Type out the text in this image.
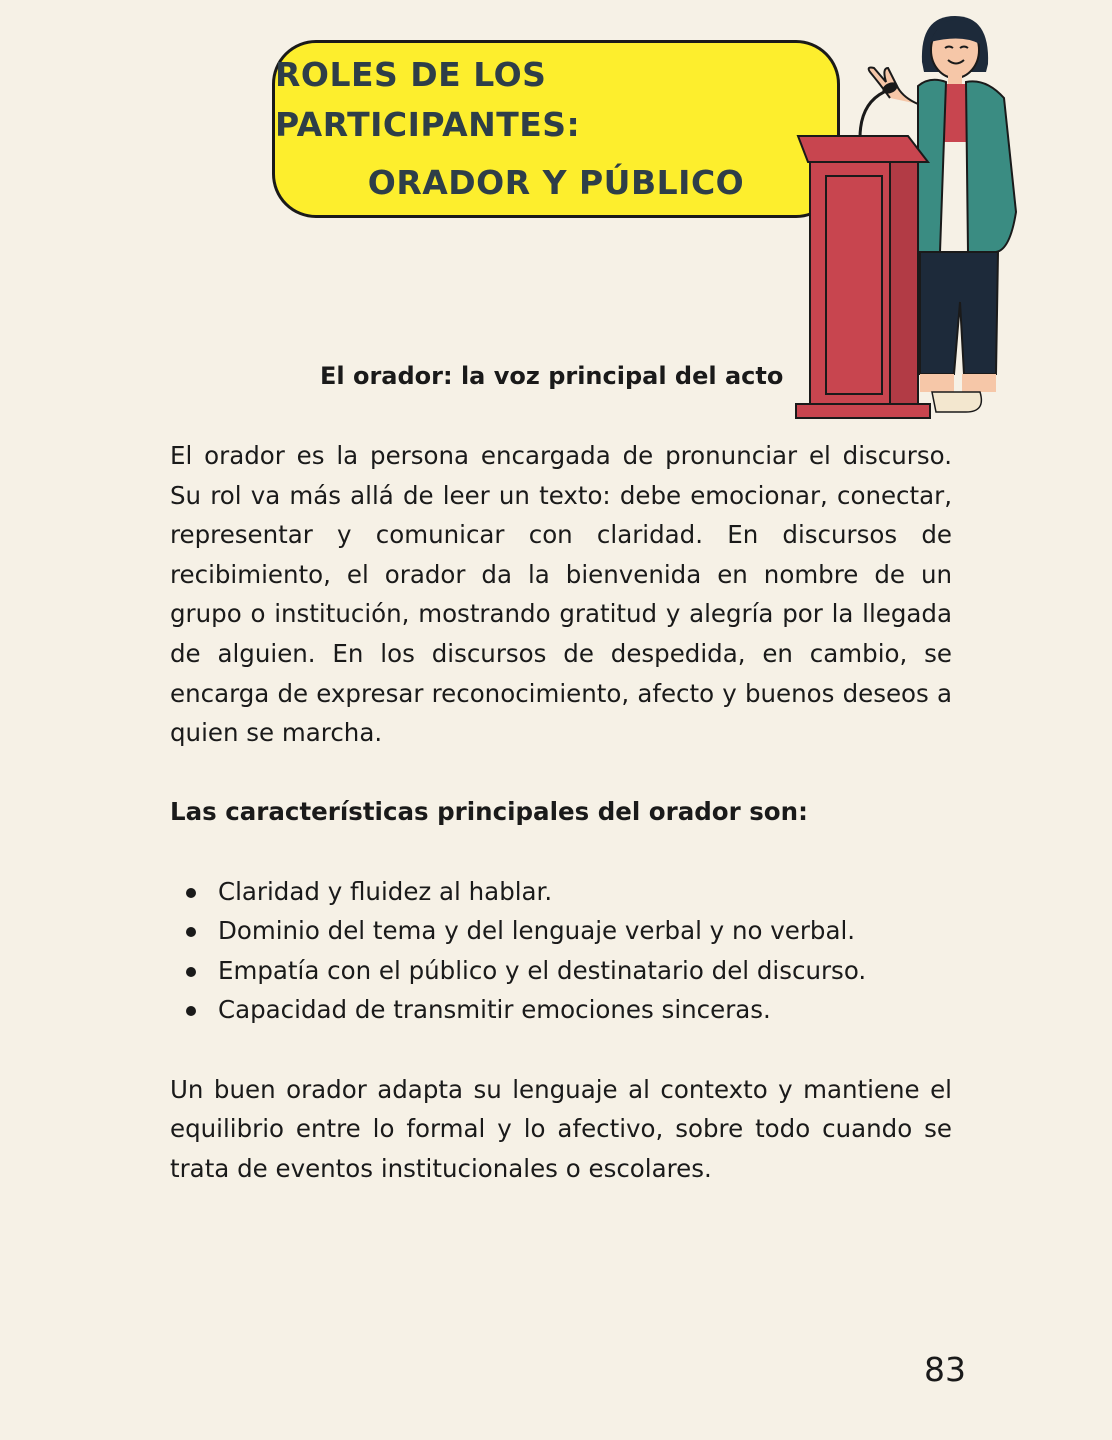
ROLES DE LOS PARTICIPANTES:
ORADOR Y PÚBLICO
El orador: la voz principal del acto

El orador es la persona encargada de pronunciar el discurso. Su rol va más allá de leer un texto: debe emocionar, conectar, representar y comunicar con claridad. En discursos de recibimiento, el orador da la bienvenida en nombre de un grupo o institución, mostrando gratitud y alegría por la llegada de alguien. En los discursos de despedida, en cambio, se encarga de expresar reconocimiento, afecto y buenos deseos a quien se marcha.

Las características principales del orador son:

Claridad y fluidez al hablar.
Dominio del tema y del lenguaje verbal y no verbal.
Empatía con el público y el destinatario del discurso.
Capacidad de transmitir emociones sinceras.

Un buen orador adapta su lenguaje al contexto y mantiene el equilibrio entre lo formal y lo afectivo, sobre todo cuando se trata de eventos institucionales o escolares.

83
